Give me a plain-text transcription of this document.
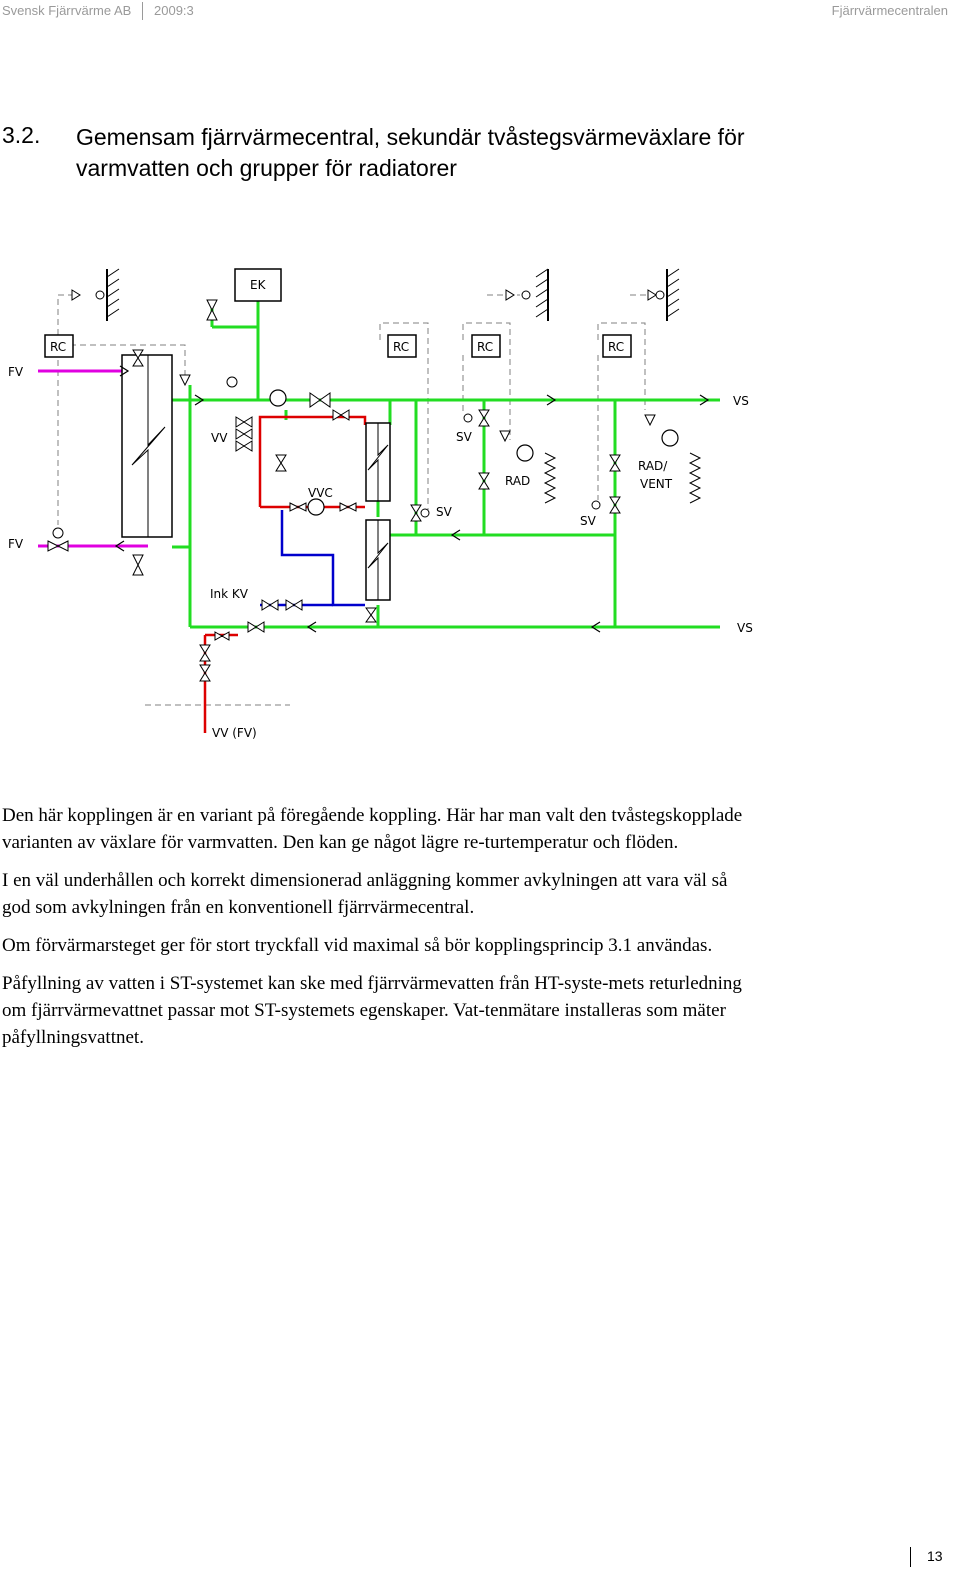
Svensk Fjärrvärme AB 2009:3	Fjärrvärmecentralen
3.2. Gemensam fjärrvärmecentral, sekundär tvåstegsvärmeväxlare för varmvatten och grupper för radiatorer
EK
RC	RC	RC	RC
FV
FV
VS
VS
VV
VVC
SV
SV
SV
RAD
RAD/
VENT
Ink KV
VV (FV)

Den här kopplingen är en variant på föregående koppling. Här har man valt den tvåstegskopplade varianten av växlare för varmvatten. Den kan ge något lägre re-turtemperatur och flöden.

I en väl underhållen och korrekt dimensionerad anläggning kommer avkylningen att vara väl så god som avkylningen från en konventionell fjärrvärmecentral.

Om förvärmarsteget ger för stort tryckfall vid maximal så bör kopplingsprincip 3.1 användas.

Påfyllning av vatten i ST-systemet kan ske med fjärrvärmevatten från HT-syste-mets returledning om fjärrvärmevattnet passar mot ST-systemets egenskaper. Vat-tenmätare installeras som mäter påfyllningsvattnet.

13
